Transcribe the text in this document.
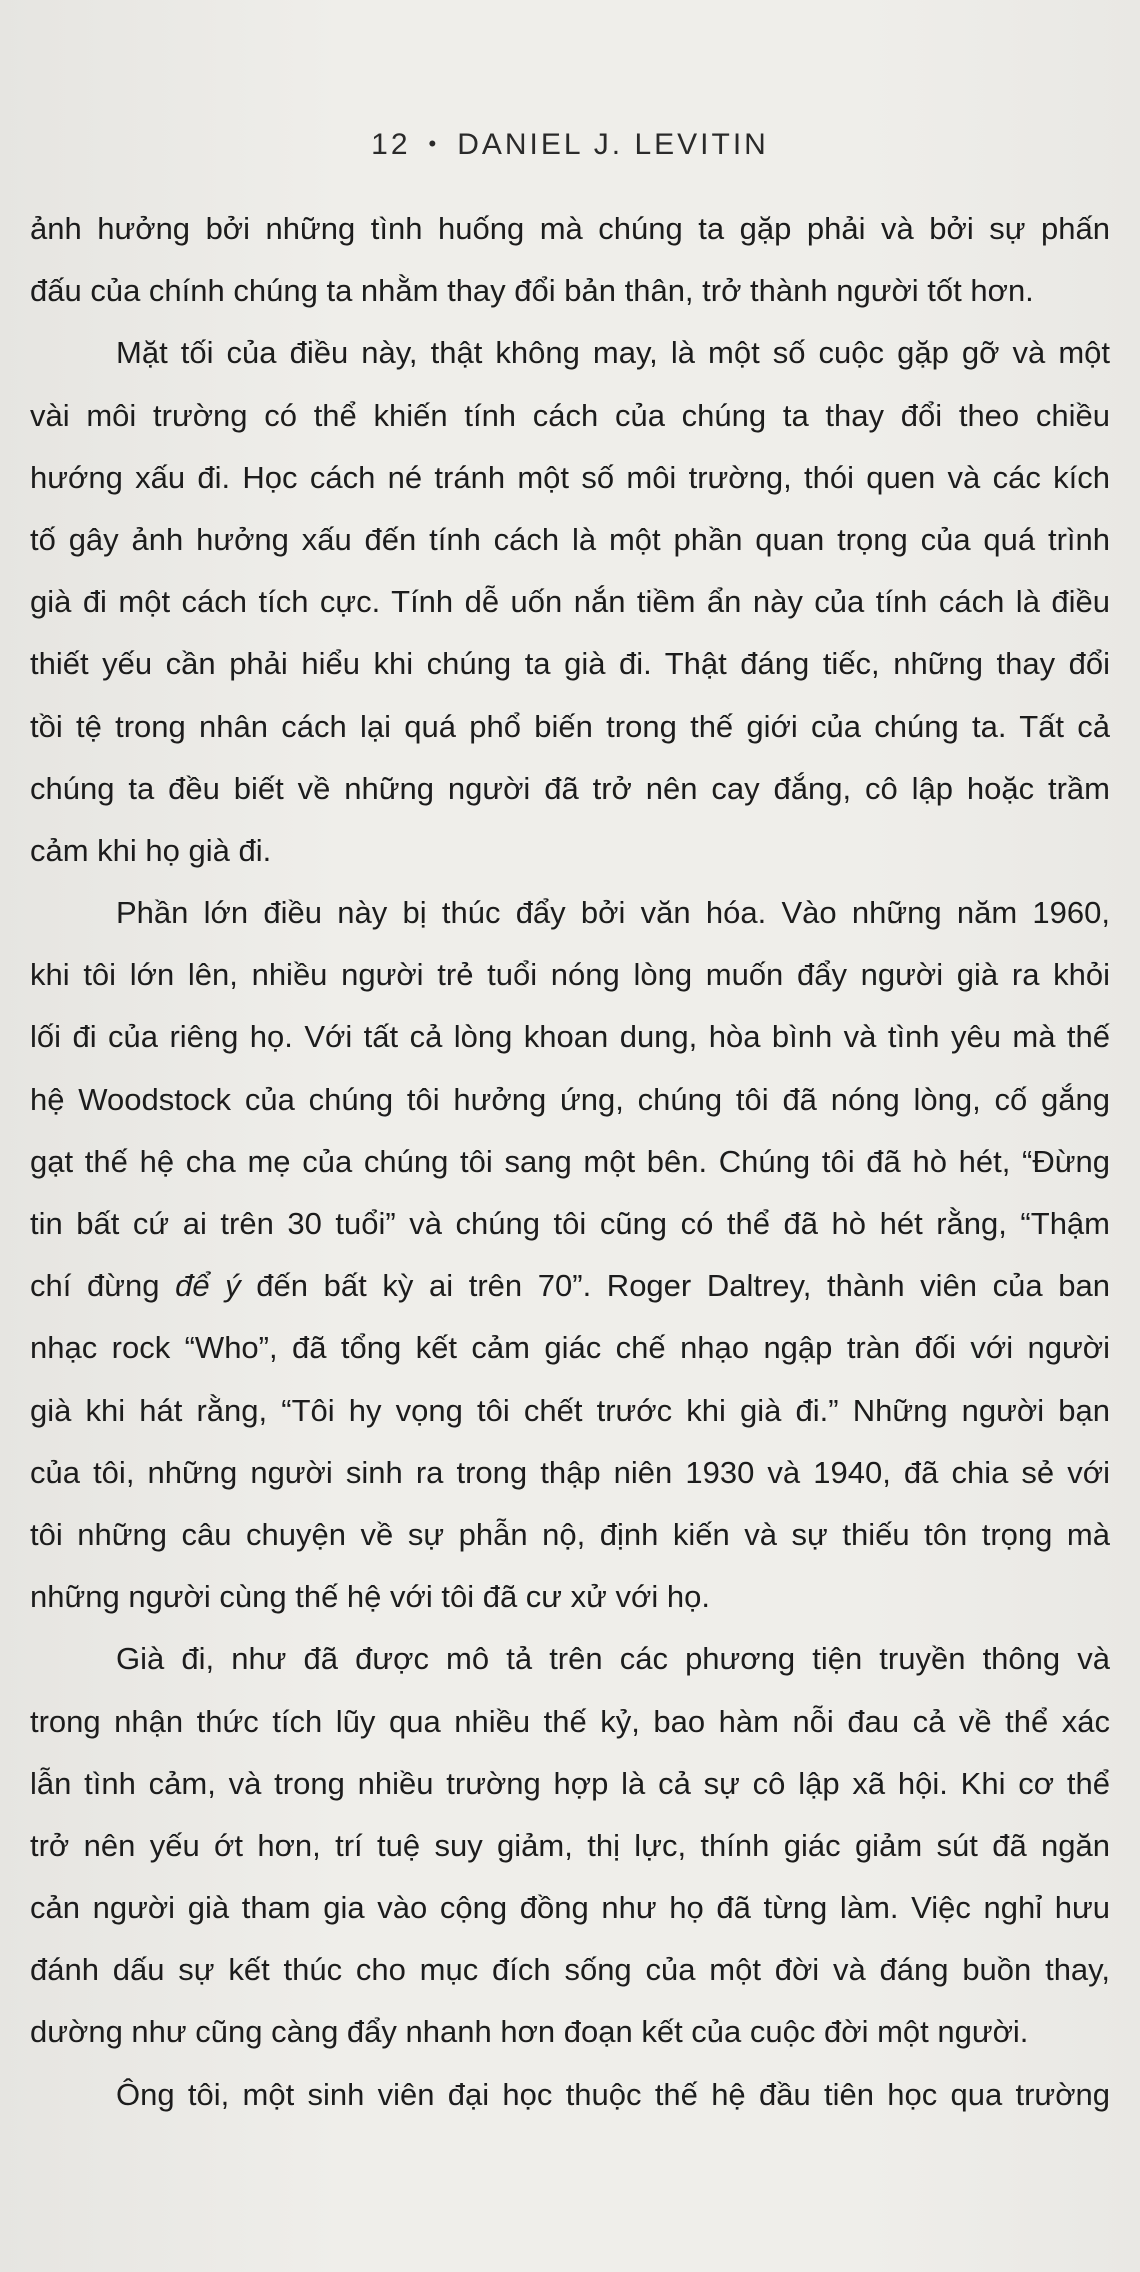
12 • DANIEL J. LEVITIN
ảnh hưởng bởi những tình huống mà chúng ta gặp phải và bởi sự phấn
đấu của chính chúng ta nhằm thay đổi bản thân, trở thành người tốt hơn.
Mặt tối của điều này, thật không may, là một số cuộc gặp gỡ và một
vài môi trường có thể khiến tính cách của chúng ta thay đổi theo chiều
hướng xấu đi. Học cách né tránh một số môi trường, thói quen và các kích
tố gây ảnh hưởng xấu đến tính cách là một phần quan trọng của quá trình
già đi một cách tích cực. Tính dễ uốn nắn tiềm ẩn này của tính cách là điều
thiết yếu cần phải hiểu khi chúng ta già đi. Thật đáng tiếc, những thay đổi
tồi tệ trong nhân cách lại quá phổ biến trong thế giới của chúng ta. Tất cả
chúng ta đều biết về những người đã trở nên cay đắng, cô lập hoặc trầm
cảm khi họ già đi.
Phần lớn điều này bị thúc đẩy bởi văn hóa. Vào những năm 1960,
khi tôi lớn lên, nhiều người trẻ tuổi nóng lòng muốn đẩy người già ra khỏi
lối đi của riêng họ. Với tất cả lòng khoan dung, hòa bình và tình yêu mà thế
hệ Woodstock của chúng tôi hưởng ứng, chúng tôi đã nóng lòng, cố gắng
gạt thế hệ cha mẹ của chúng tôi sang một bên. Chúng tôi đã hò hét, “Đừng
tin bất cứ ai trên 30 tuổi” và chúng tôi cũng có thể đã hò hét rằng, “Thậm
chí đừng để ý đến bất kỳ ai trên 70”. Roger Daltrey, thành viên của ban
nhạc rock “Who”, đã tổng kết cảm giác chế nhạo ngập tràn đối với người
già khi hát rằng, “Tôi hy vọng tôi chết trước khi già đi.” Những người bạn
của tôi, những người sinh ra trong thập niên 1930 và 1940, đã chia sẻ với
tôi những câu chuyện về sự phẫn nộ, định kiến và sự thiếu tôn trọng mà
những người cùng thế hệ với tôi đã cư xử với họ.
Già đi, như đã được mô tả trên các phương tiện truyền thông và
trong nhận thức tích lũy qua nhiều thế kỷ, bao hàm nỗi đau cả về thể xác
lẫn tình cảm, và trong nhiều trường hợp là cả sự cô lập xã hội. Khi cơ thể
trở nên yếu ớt hơn, trí tuệ suy giảm, thị lực, thính giác giảm sút đã ngăn
cản người già tham gia vào cộng đồng như họ đã từng làm. Việc nghỉ hưu
đánh dấu sự kết thúc cho mục đích sống của một đời và đáng buồn thay,
dường như cũng càng đẩy nhanh hơn đoạn kết của cuộc đời một người.
Ông tôi, một sinh viên đại học thuộc thế hệ đầu tiên học qua trường
